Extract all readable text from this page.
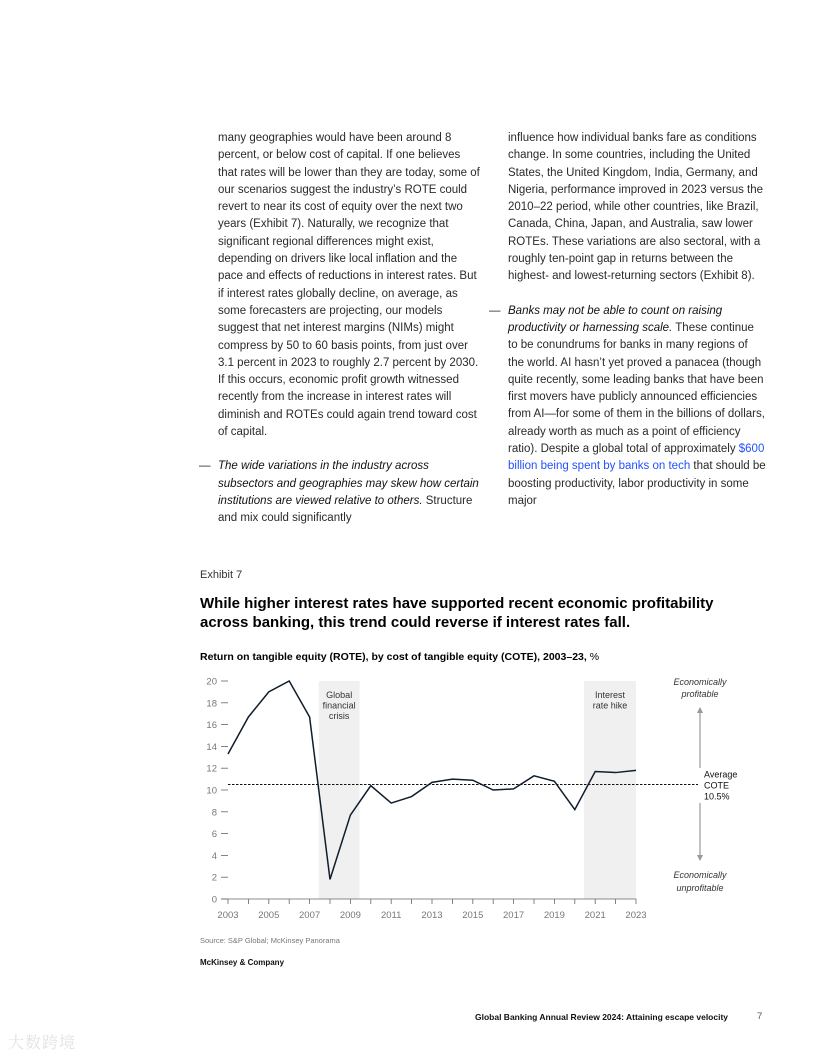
many geographies would have been around 8 percent, or below cost of capital. If one believes that rates will be lower than they are today, some of our scenarios suggest the industry’s ROTE could revert to near its cost of equity over the next two years (Exhibit 7). Naturally, we recognize that significant regional differences might exist, depending on drivers like local inflation and the pace and effects of reductions in interest rates. But if interest rates globally decline, on average, as some forecasters are projecting, our models suggest that net interest margins (NIMs) might compress by 50 to 60 basis points, from just over 3.1 percent in 2023 to roughly 2.7 percent by 2030. If this occurs, economic profit growth witnessed recently from the increase in interest rates will diminish and ROTEs could again trend toward cost of capital.

— The wide variations in the industry across subsectors and geographies may skew how certain institutions are viewed relative to others. Structure and mix could significantly

influence how individual banks fare as conditions change. In some countries, including the United States, the United Kingdom, India, Germany, and Nigeria, performance improved in 2023 versus the 2010–22 period, while other countries, like Brazil, Canada, China, Japan, and Australia, saw lower ROTEs. These variations are also sectoral, with a roughly ten-point gap in returns between the highest- and lowest-returning sectors (Exhibit 8).

— Banks may not be able to count on raising productivity or harnessing scale. These continue to be conundrums for banks in many regions of the world. AI hasn’t yet proved a panacea (though quite recently, some leading banks that have been first movers have publicly announced efficiencies from AI—for some of them in the billions of dollars, already worth as much as a point of efficiency ratio). Despite a global total of approximately $600 billion being spent by banks on tech that should be boosting productivity, labor productivity in some major

Exhibit 7
While higher interest rates have supported recent economic profitability across banking, this trend could reverse if interest rates fall.
Return on tangible equity (ROTE), by cost of tangible equity (COTE), 2003–23, %
Global
financial
crisis
Interest
rate hike
0
2
4
6
8
10
12
14
16
18
20
2003 2005 2007 2009 2011 2013 2015 2017 2019 2021 2023
Average
COTE
10.5%
Economically
profitable
Economically
unprofitable
Source: S&P Global; McKinsey Panorama
McKinsey & Company
Global Banking Annual Review 2024: Attaining escape velocity	7
大数跨境
